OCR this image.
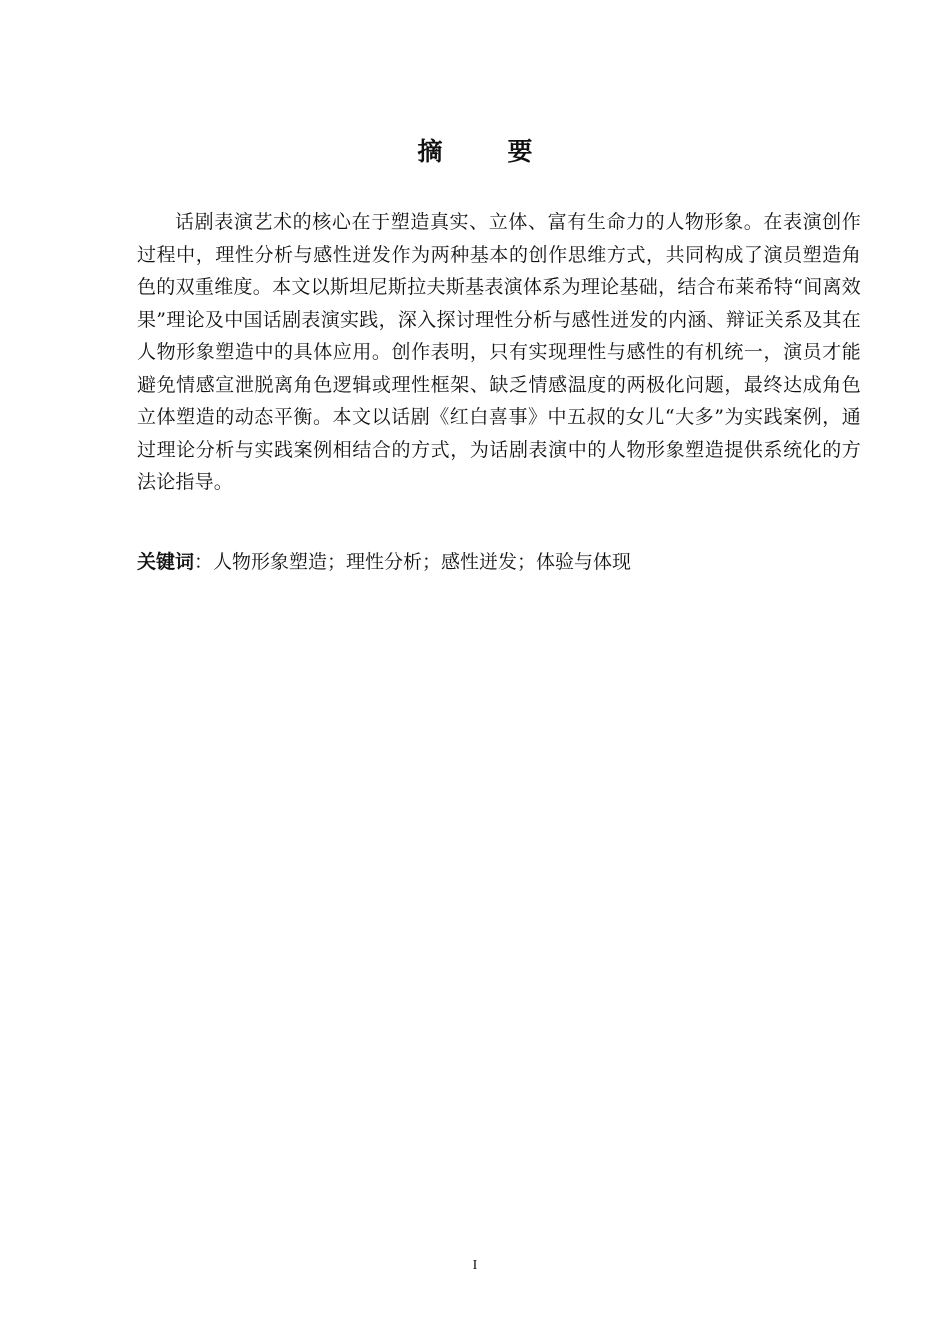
摘　要

话剧表演艺术的核心在于塑造真实、立体、富有生命力的人物形象。在表演创作过程中，理性分析与感性迸发作为两种基本的创作思维方式，共同构成了演员塑造角色的双重维度。本文以斯坦尼斯拉夫斯基表演体系为理论基础，结合布莱希特“间离效果”理论及中国话剧表演实践，深入探讨理性分析与感性迸发的内涵、辩证关系及其在人物形象塑造中的具体应用。创作表明，只有实现理性与感性的有机统一，演员才能避免情感宣泄脱离角色逻辑或理性框架、缺乏情感温度的两极化问题，最终达成角色立体塑造的动态平衡。本文以话剧《红白喜事》中五叔的女儿“大多”为实践案例，通过理论分析与实践案例相结合的方式，为话剧表演中的人物形象塑造提供系统化的方法论指导。

关键词：人物形象塑造；理性分析；感性迸发；体验与体现
I
